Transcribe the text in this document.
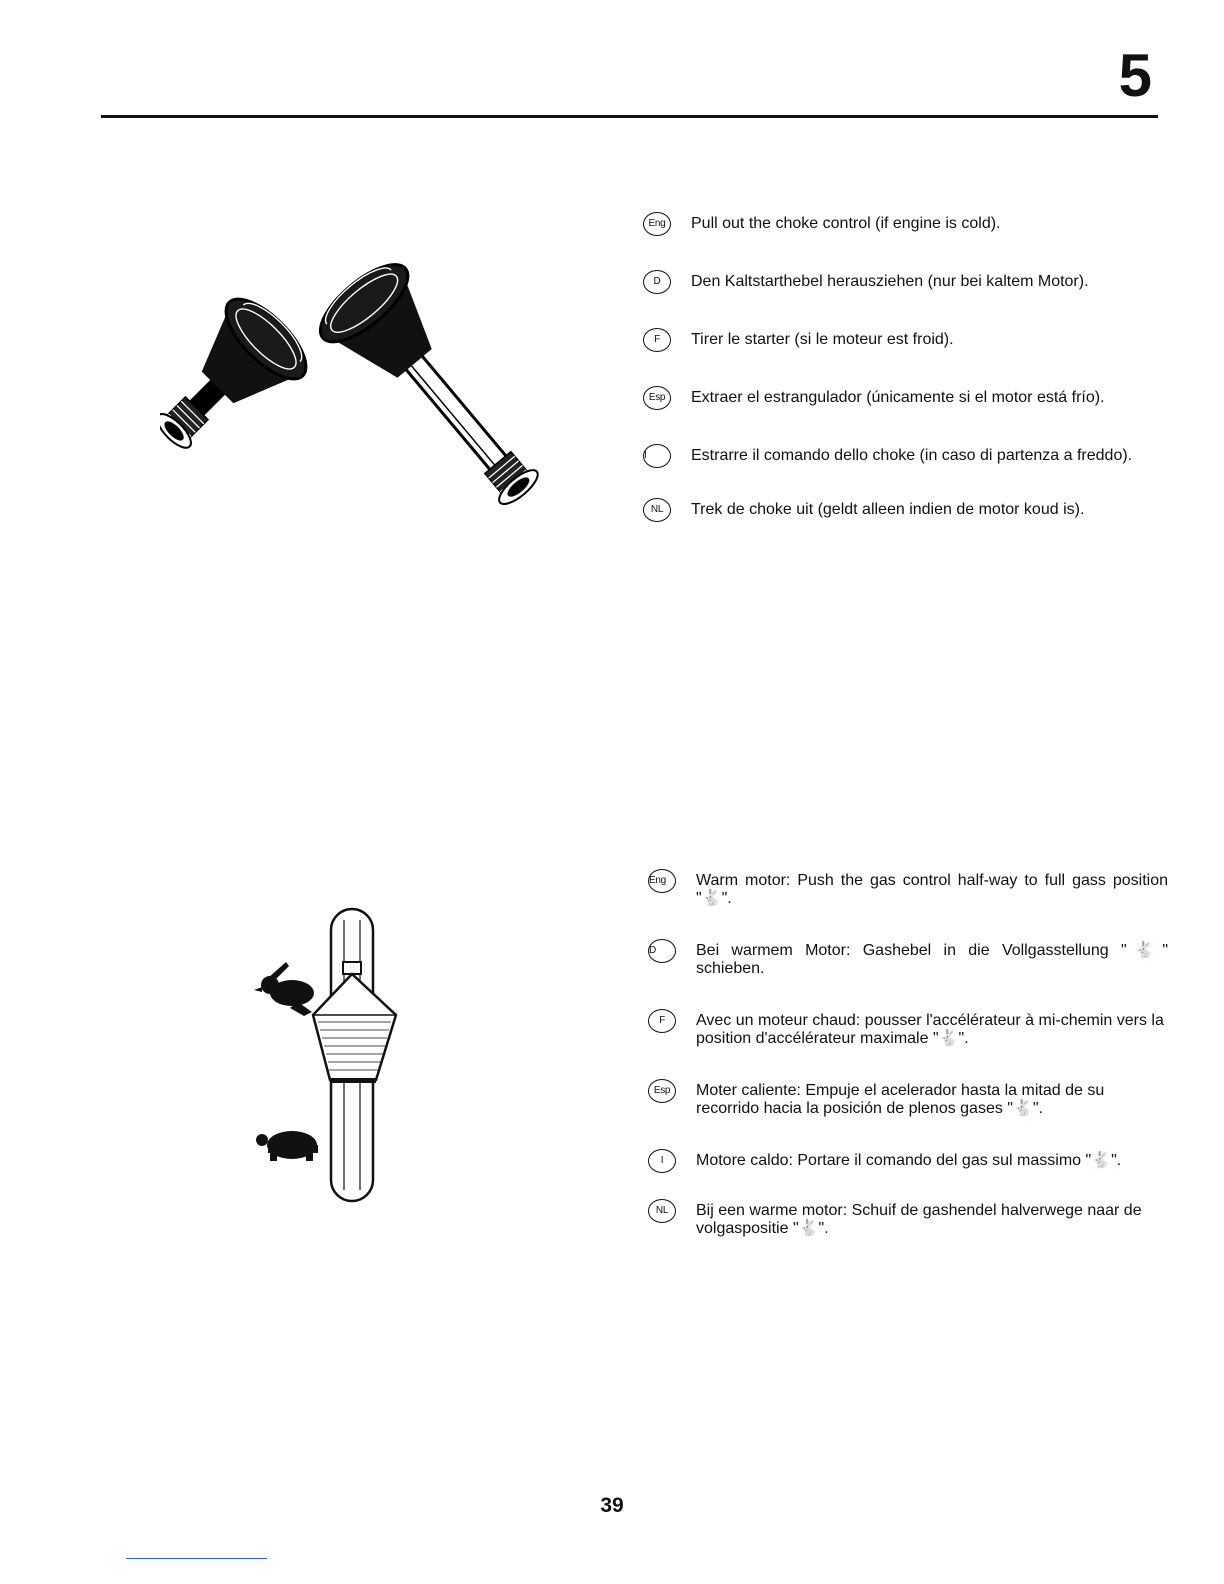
5
Eng	Pull out the choke control (if engine is cold).
D	Den Kaltstarthebel herausziehen (nur bei kaltem Motor).
F	Tirer le starter (si le moteur est froid).
Esp	Extraer el estrangulador (únicamente si el motor está frío).
I	Estrarre il comando dello choke (in caso di partenza a freddo).
NL	Trek de choke uit (geldt alleen indien de motor koud is).
Eng	Warm motor: Push the gas control half-way to full gass position "🐇".
D	Bei warmem Motor: Gashebel in die Vollgasstellung "🐇" schieben.
F	Avec un moteur chaud: pousser l'accélérateur à mi-chemin vers la position d'accélérateur maximale "🐇".
Esp	Moter caliente: Empuje el acelerador hasta la mitad de su recorrido hacia la posición de plenos gases "🐇".
I	Motore caldo: Portare il comando del gas sul massimo "🐇".
NL	Bij een warme motor: Schuif de gashendel halverwege naar de volgaspositie "🐇".
39
